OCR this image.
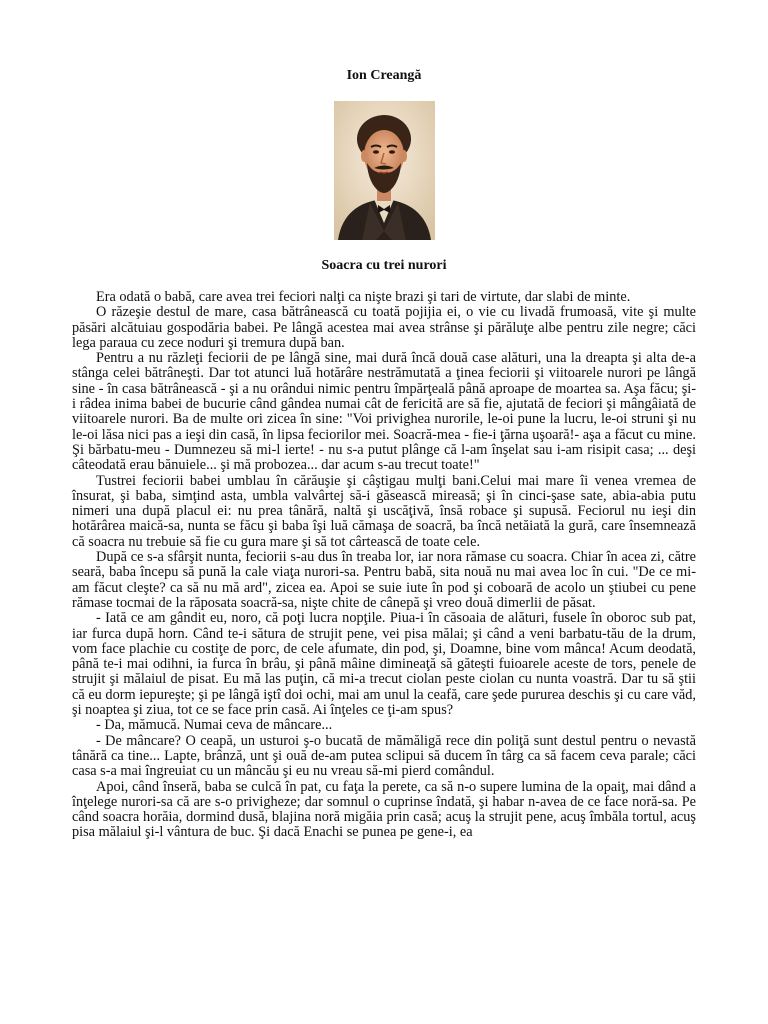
Ion Creangă
Soacra cu trei nurori

Era odată o babă, care avea trei feciori nalţi ca nişte brazi şi tari de virtute, dar slabi de minte.

O răzeşie destul de mare, casa bătrânească cu toată pojijia ei, o vie cu livadă frumoasă, vite şi multe păsări alcătuiau gospodăria babei. Pe lângă acestea mai avea strânse şi părăluţe albe pentru zile negre; căci lega paraua cu zece noduri şi tremura după ban.

Pentru a nu răzleţi feciorii de pe lângă sine, mai dură încă două case alături, una la dreapta şi alta de-a stânga celei bătrâneşti. Dar tot atunci luă hotărâre nestrămutată a ţinea feciorii şi viitoarele nurori pe lângă sine - în casa bătrânească - şi a nu orândui nimic pentru împărţeală până aproape de moartea sa. Aşa făcu; şi-i râdea inima babei de bucurie când gândea numai cât de fericită are să fie, ajutată de feciori şi mângâiată de viitoarele nurori. Ba de multe ori zicea în sine: "Voi privighea nurorile, le-oi pune la lucru, le-oi struni şi nu le-oi lăsa nici pas a ieşi din casă, în lipsa feciorilor mei. Soacră-mea - fie-i ţărna uşoară!- aşa a făcut cu mine. Şi bărbatu-meu - Dumnezeu să mi-l ierte! - nu s-a putut plânge că l-am înşelat sau i-am risipit casa; ... deşi câteodată erau bănuiele... şi mă probozea... dar acum s-au trecut toate!"

Tustrei feciorii babei umblau în cărăuşie şi câştigau mulţi bani.Celui mai mare îi venea vremea de însurat, şi baba, simţind asta, umbla valvârtej să-i găsească mireasă; şi în cinci-şase sate, abia-abia putu nimeri una după placul ei: nu prea tânără, naltă şi uscăţivă, însă robace şi supusă. Feciorul nu ieşi din hotărârea maică-sa, nunta se făcu şi baba îşi luă cămaşa de soacră, ba încă netăiată la gură, care însemnează că soacra nu trebuie să fie cu gura mare şi să tot cârtească de toate cele.

După ce s-a sfârşit nunta, feciorii s-au dus în treaba lor, iar nora rămase cu soacra. Chiar în acea zi, către seară, baba începu să pună la cale viaţa nurori-sa. Pentru babă, sita nouă nu mai avea loc în cui. "De ce mi-am făcut cleşte? ca să nu mă ard", zicea ea. Apoi se suie iute în pod şi coboară de acolo un ştiubei cu pene rămase tocmai de la răposata soacră-sa, nişte chite de cânepă şi vreo două dimerlii de păsat.

- Iată ce am gândit eu, noro, că poţi lucra nopţile. Piua-i în căsoaia de alături, fusele în oboroc sub pat, iar furca după horn. Când te-i sătura de strujit pene, vei pisa mălai; şi când a veni barbatu-tău de la drum, vom face plachie cu costiţe de porc, de cele afumate, din pod, şi, Doamne, bine vom mânca! Acum deodată, până te-i mai odihni, ia furca în brâu, şi până mâine dimineaţă să găteşti fuioarele aceste de tors, penele de strujit şi mălaiul de pisat. Eu mă las puţin, că mi-a trecut ciolan peste ciolan cu nunta voastră. Dar tu să ştii că eu dorm iepureşte; şi pe lângă iştî doi ochi, mai am unul la ceafă, care şede pururea deschis şi cu care văd, şi noaptea şi ziua, tot ce se face prin casă. Ai înţeles ce ţi-am spus?

- Da, mămucă. Numai ceva de mâncare...

- De mâncare? O ceapă, un usturoi ş-o bucată de mămăligă rece din poliţă sunt destul pentru o nevastă tânără ca tine... Lapte, brânză, unt şi ouă de-am putea sclipui să ducem în târg ca să facem ceva parale; căci casa s-a mai îngreuiat cu un mâncău şi eu nu vreau să-mi pierd comândul.

Apoi, când înseră, baba se culcă în pat, cu faţa la perete, ca să n-o supere lumina de la opaiţ, mai dând a înţelege nurori-sa că are s-o privigheze; dar somnul o cuprinse îndată, şi habar n-avea de ce face noră-sa. Pe când soacra horăia, dormind dusă, blajina noră migăia prin casă; acuş la strujit pene, acuş îmbăla tortul, acuş pisa mălaiul şi-l vântura de buc. Şi dacă Enachi se punea pe gene-i, ea
